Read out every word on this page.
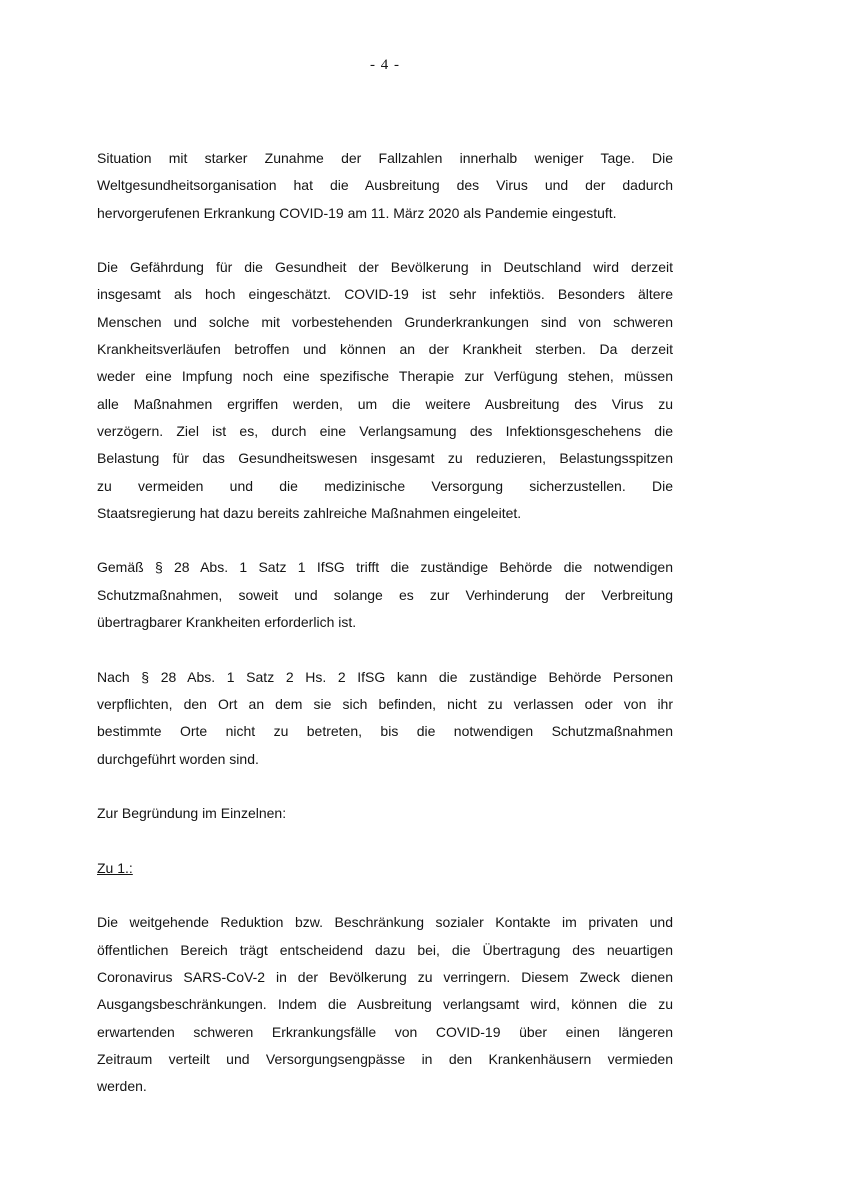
- 4 -
Situation mit starker Zunahme der Fallzahlen innerhalb weniger Tage. Die
Weltgesundheitsorganisation hat die Ausbreitung des Virus und der dadurch
hervorgerufenen Erkrankung COVID-19 am 11. März 2020 als Pandemie eingestuft.
Die Gefährdung für die Gesundheit der Bevölkerung in Deutschland wird derzeit
insgesamt als hoch eingeschätzt. COVID-19 ist sehr infektiös. Besonders ältere
Menschen und solche mit vorbestehenden Grunderkrankungen sind von schweren
Krankheitsverläufen betroffen und können an der Krankheit sterben. Da derzeit
weder eine Impfung noch eine spezifische Therapie zur Verfügung stehen, müssen
alle Maßnahmen ergriffen werden, um die weitere Ausbreitung des Virus zu
verzögern. Ziel ist es, durch eine Verlangsamung des Infektionsgeschehens die
Belastung für das Gesundheitswesen insgesamt zu reduzieren, Belastungsspitzen
zu vermeiden und die medizinische Versorgung sicherzustellen. Die
Staatsregierung hat dazu bereits zahlreiche Maßnahmen eingeleitet.
Gemäß § 28 Abs. 1 Satz 1 IfSG trifft die zuständige Behörde die notwendigen
Schutzmaßnahmen, soweit und solange es zur Verhinderung der Verbreitung
übertragbarer Krankheiten erforderlich ist.
Nach § 28 Abs. 1 Satz 2 Hs. 2 IfSG kann die zuständige Behörde Personen
verpflichten, den Ort an dem sie sich befinden, nicht zu verlassen oder von ihr
bestimmte Orte nicht zu betreten, bis die notwendigen Schutzmaßnahmen
durchgeführt worden sind.
Zur Begründung im Einzelnen:
Zu 1.:
Die weitgehende Reduktion bzw. Beschränkung sozialer Kontakte im privaten und
öffentlichen Bereich trägt entscheidend dazu bei, die Übertragung des neuartigen
Coronavirus SARS-CoV-2 in der Bevölkerung zu verringern. Diesem Zweck dienen
Ausgangsbeschränkungen. Indem die Ausbreitung verlangsamt wird, können die zu
erwartenden schweren Erkrankungsfälle von COVID-19 über einen längeren
Zeitraum verteilt und Versorgungsengpässe in den Krankenhäusern vermieden
werden.
